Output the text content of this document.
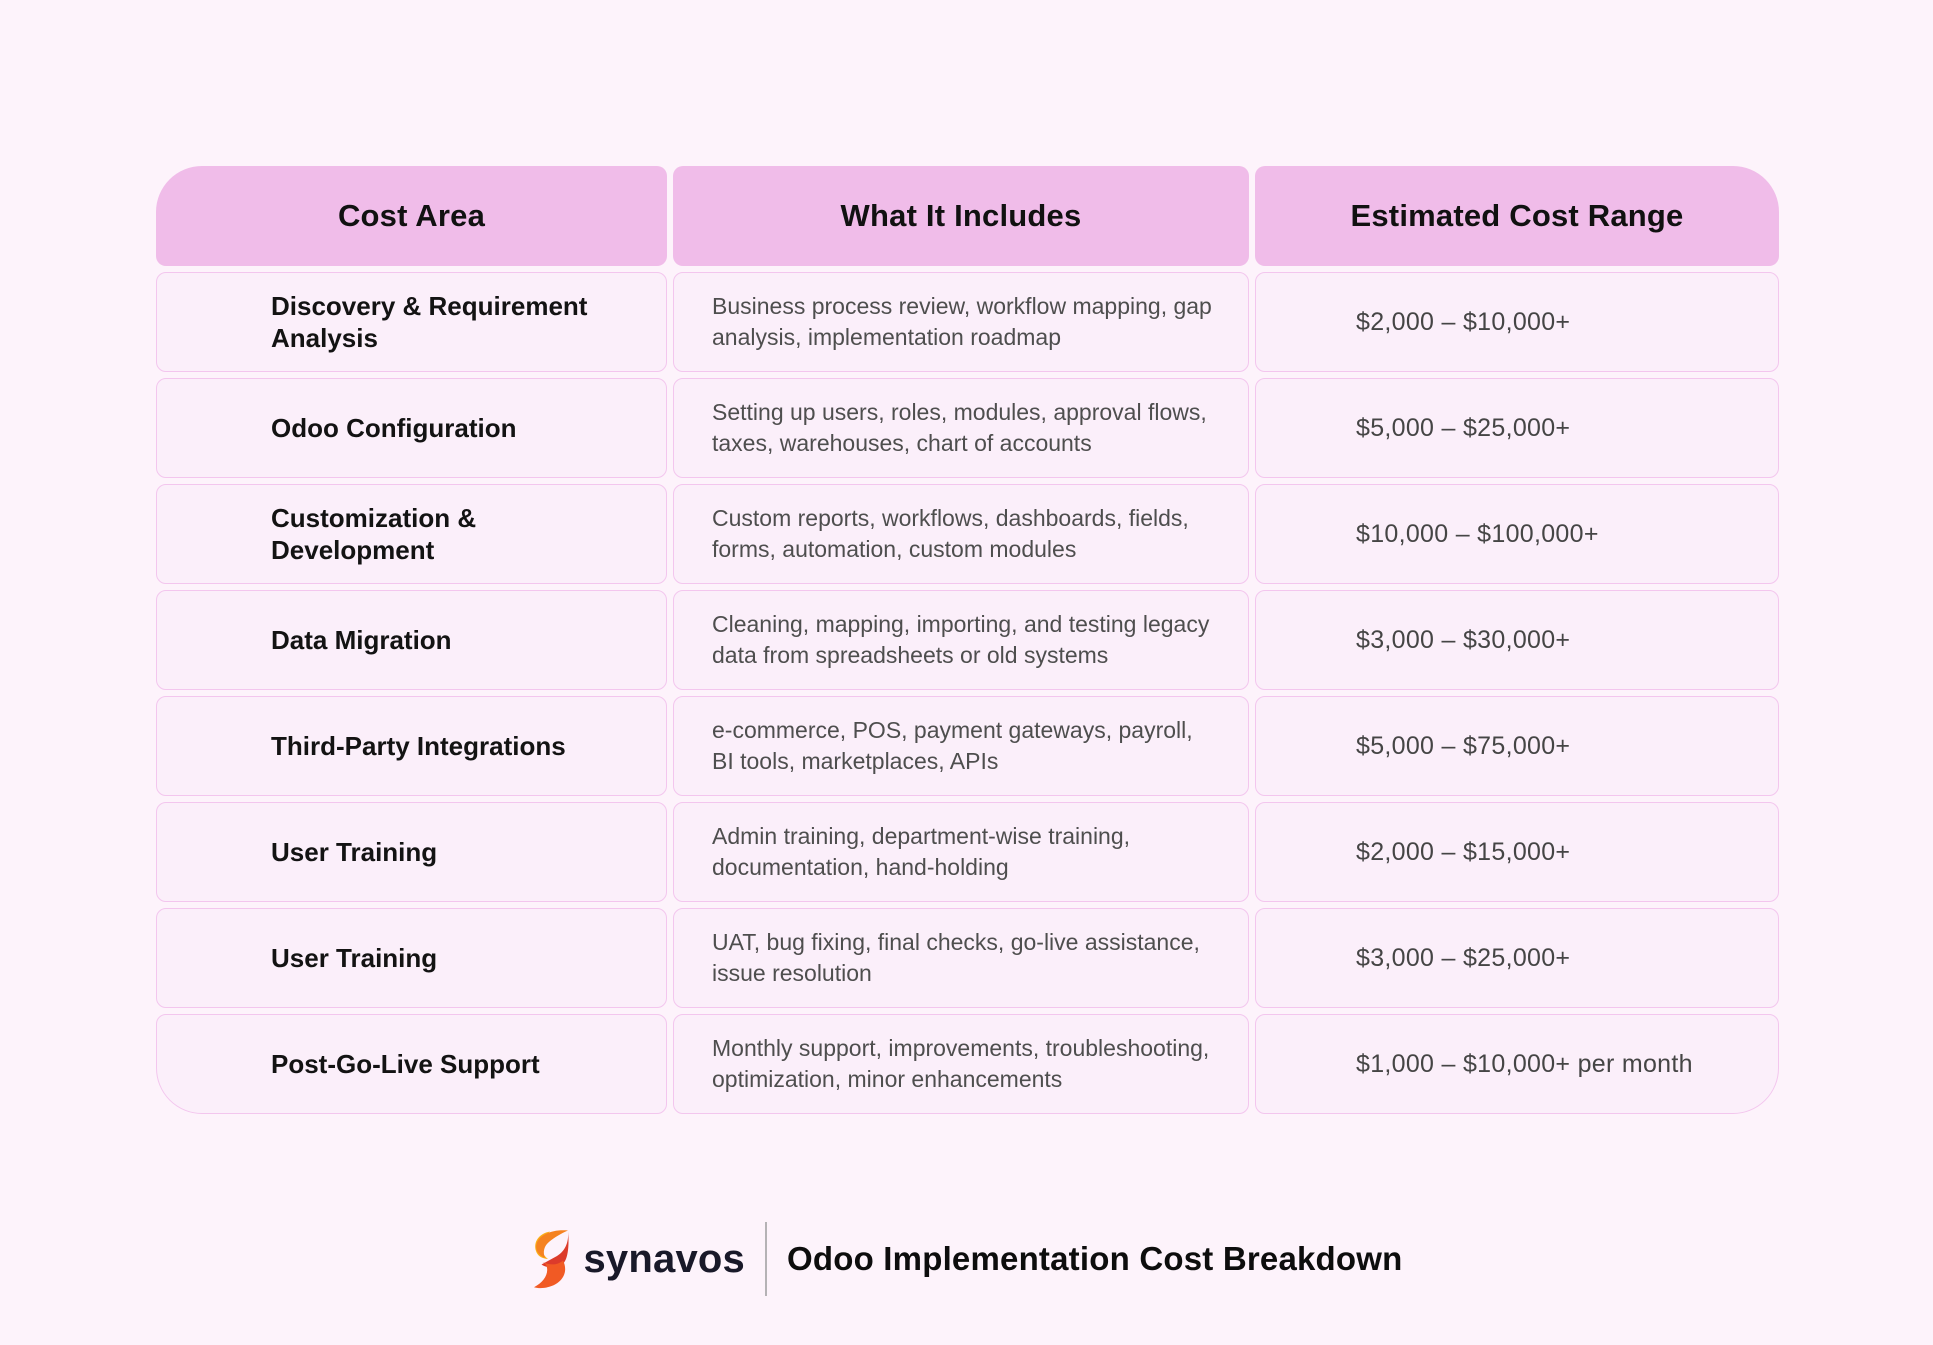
Cost Area	What It Includes	Estimated Cost Range
Discovery & Requirement Analysis
Business process review, workflow mapping, gap analysis, implementation roadmap
$2,000 – $10,000+
Odoo Configuration
Setting up users, roles, modules, approval flows, taxes, warehouses, chart of accounts
$5,000 – $25,000+
Customization & Development
Custom reports, workflows, dashboards, fields, forms, automation, custom modules
$10,000 – $100,000+
Data Migration
Cleaning, mapping, importing, and testing legacy data from spreadsheets or old systems
$3,000 – $30,000+
Third-Party Integrations
e-commerce, POS, payment gateways, payroll, BI tools, marketplaces, APIs
$5,000 – $75,000+
User Training
Admin training, department-wise training, documentation, hand-holding
$2,000 – $15,000+
User Training
UAT, bug fixing, final checks, go-live assistance, issue resolution
$3,000 – $25,000+
Post-Go-Live Support
Monthly support, improvements, troubleshooting, optimization, minor enhancements
$1,000 – $10,000+ per month
synavos Odoo Implementation Cost Breakdown
